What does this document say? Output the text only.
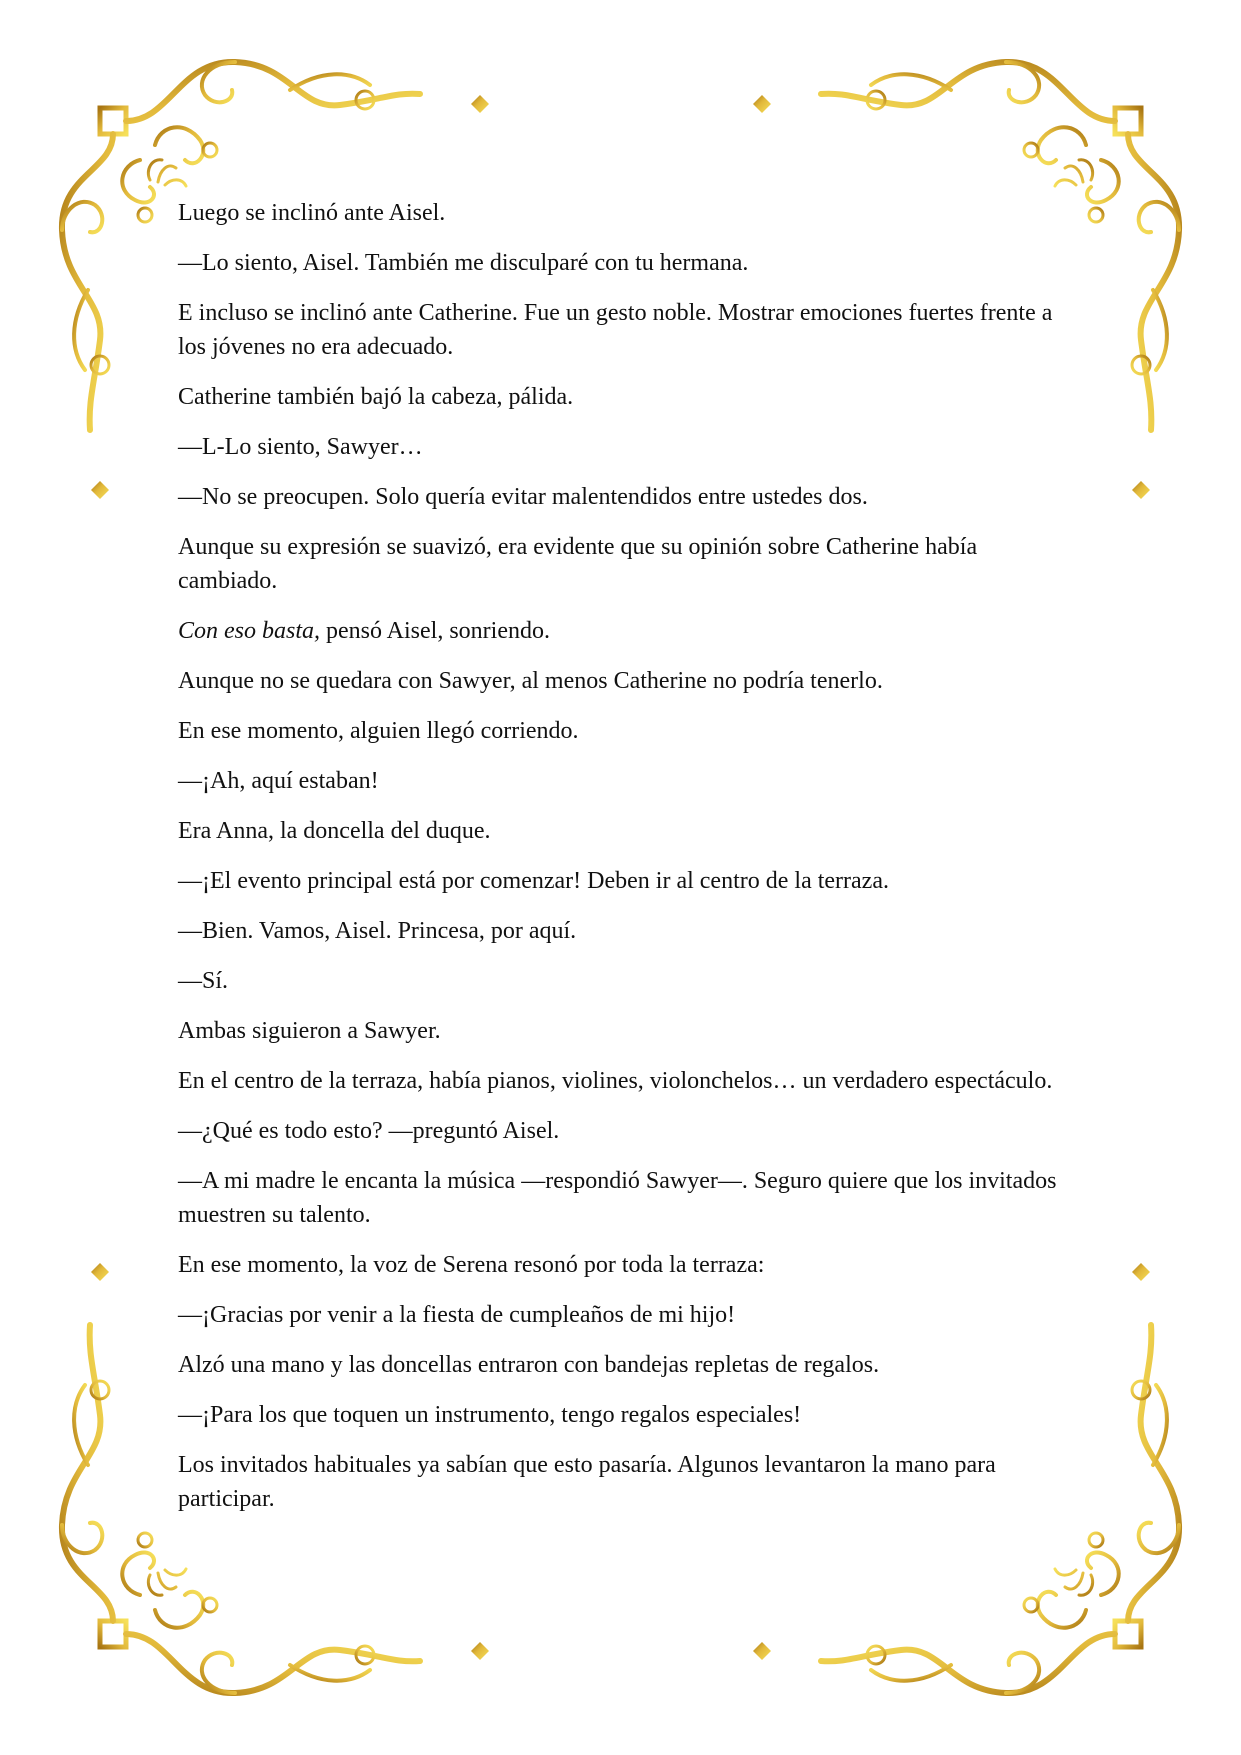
Luego se inclinó ante Aisel.

—Lo siento, Aisel. También me disculparé con tu hermana.

E incluso se inclinó ante Catherine. Fue un gesto noble. Mostrar emociones fuertes frente a los jóvenes no era adecuado.

Catherine también bajó la cabeza, pálida.

—L-Lo siento, Sawyer…

—No se preocupen. Solo quería evitar malentendidos entre ustedes dos.

Aunque su expresión se suavizó, era evidente que su opinión sobre Catherine había cambiado.

Con eso basta, pensó Aisel, sonriendo.

Aunque no se quedara con Sawyer, al menos Catherine no podría tenerlo.

En ese momento, alguien llegó corriendo.

—¡Ah, aquí estaban!

Era Anna, la doncella del duque.

—¡El evento principal está por comenzar! Deben ir al centro de la terraza.

—Bien. Vamos, Aisel. Princesa, por aquí.

—Sí.

Ambas siguieron a Sawyer.

En el centro de la terraza, había pianos, violines, violonchelos… un verdadero espectáculo.

—¿Qué es todo esto? —preguntó Aisel.

—A mi madre le encanta la música —respondió Sawyer—. Seguro quiere que los invitados muestren su talento.

En ese momento, la voz de Serena resonó por toda la terraza:

—¡Gracias por venir a la fiesta de cumpleaños de mi hijo!

Alzó una mano y las doncellas entraron con bandejas repletas de regalos.

—¡Para los que toquen un instrumento, tengo regalos especiales!

Los invitados habituales ya sabían que esto pasaría. Algunos levantaron la mano para participar.
